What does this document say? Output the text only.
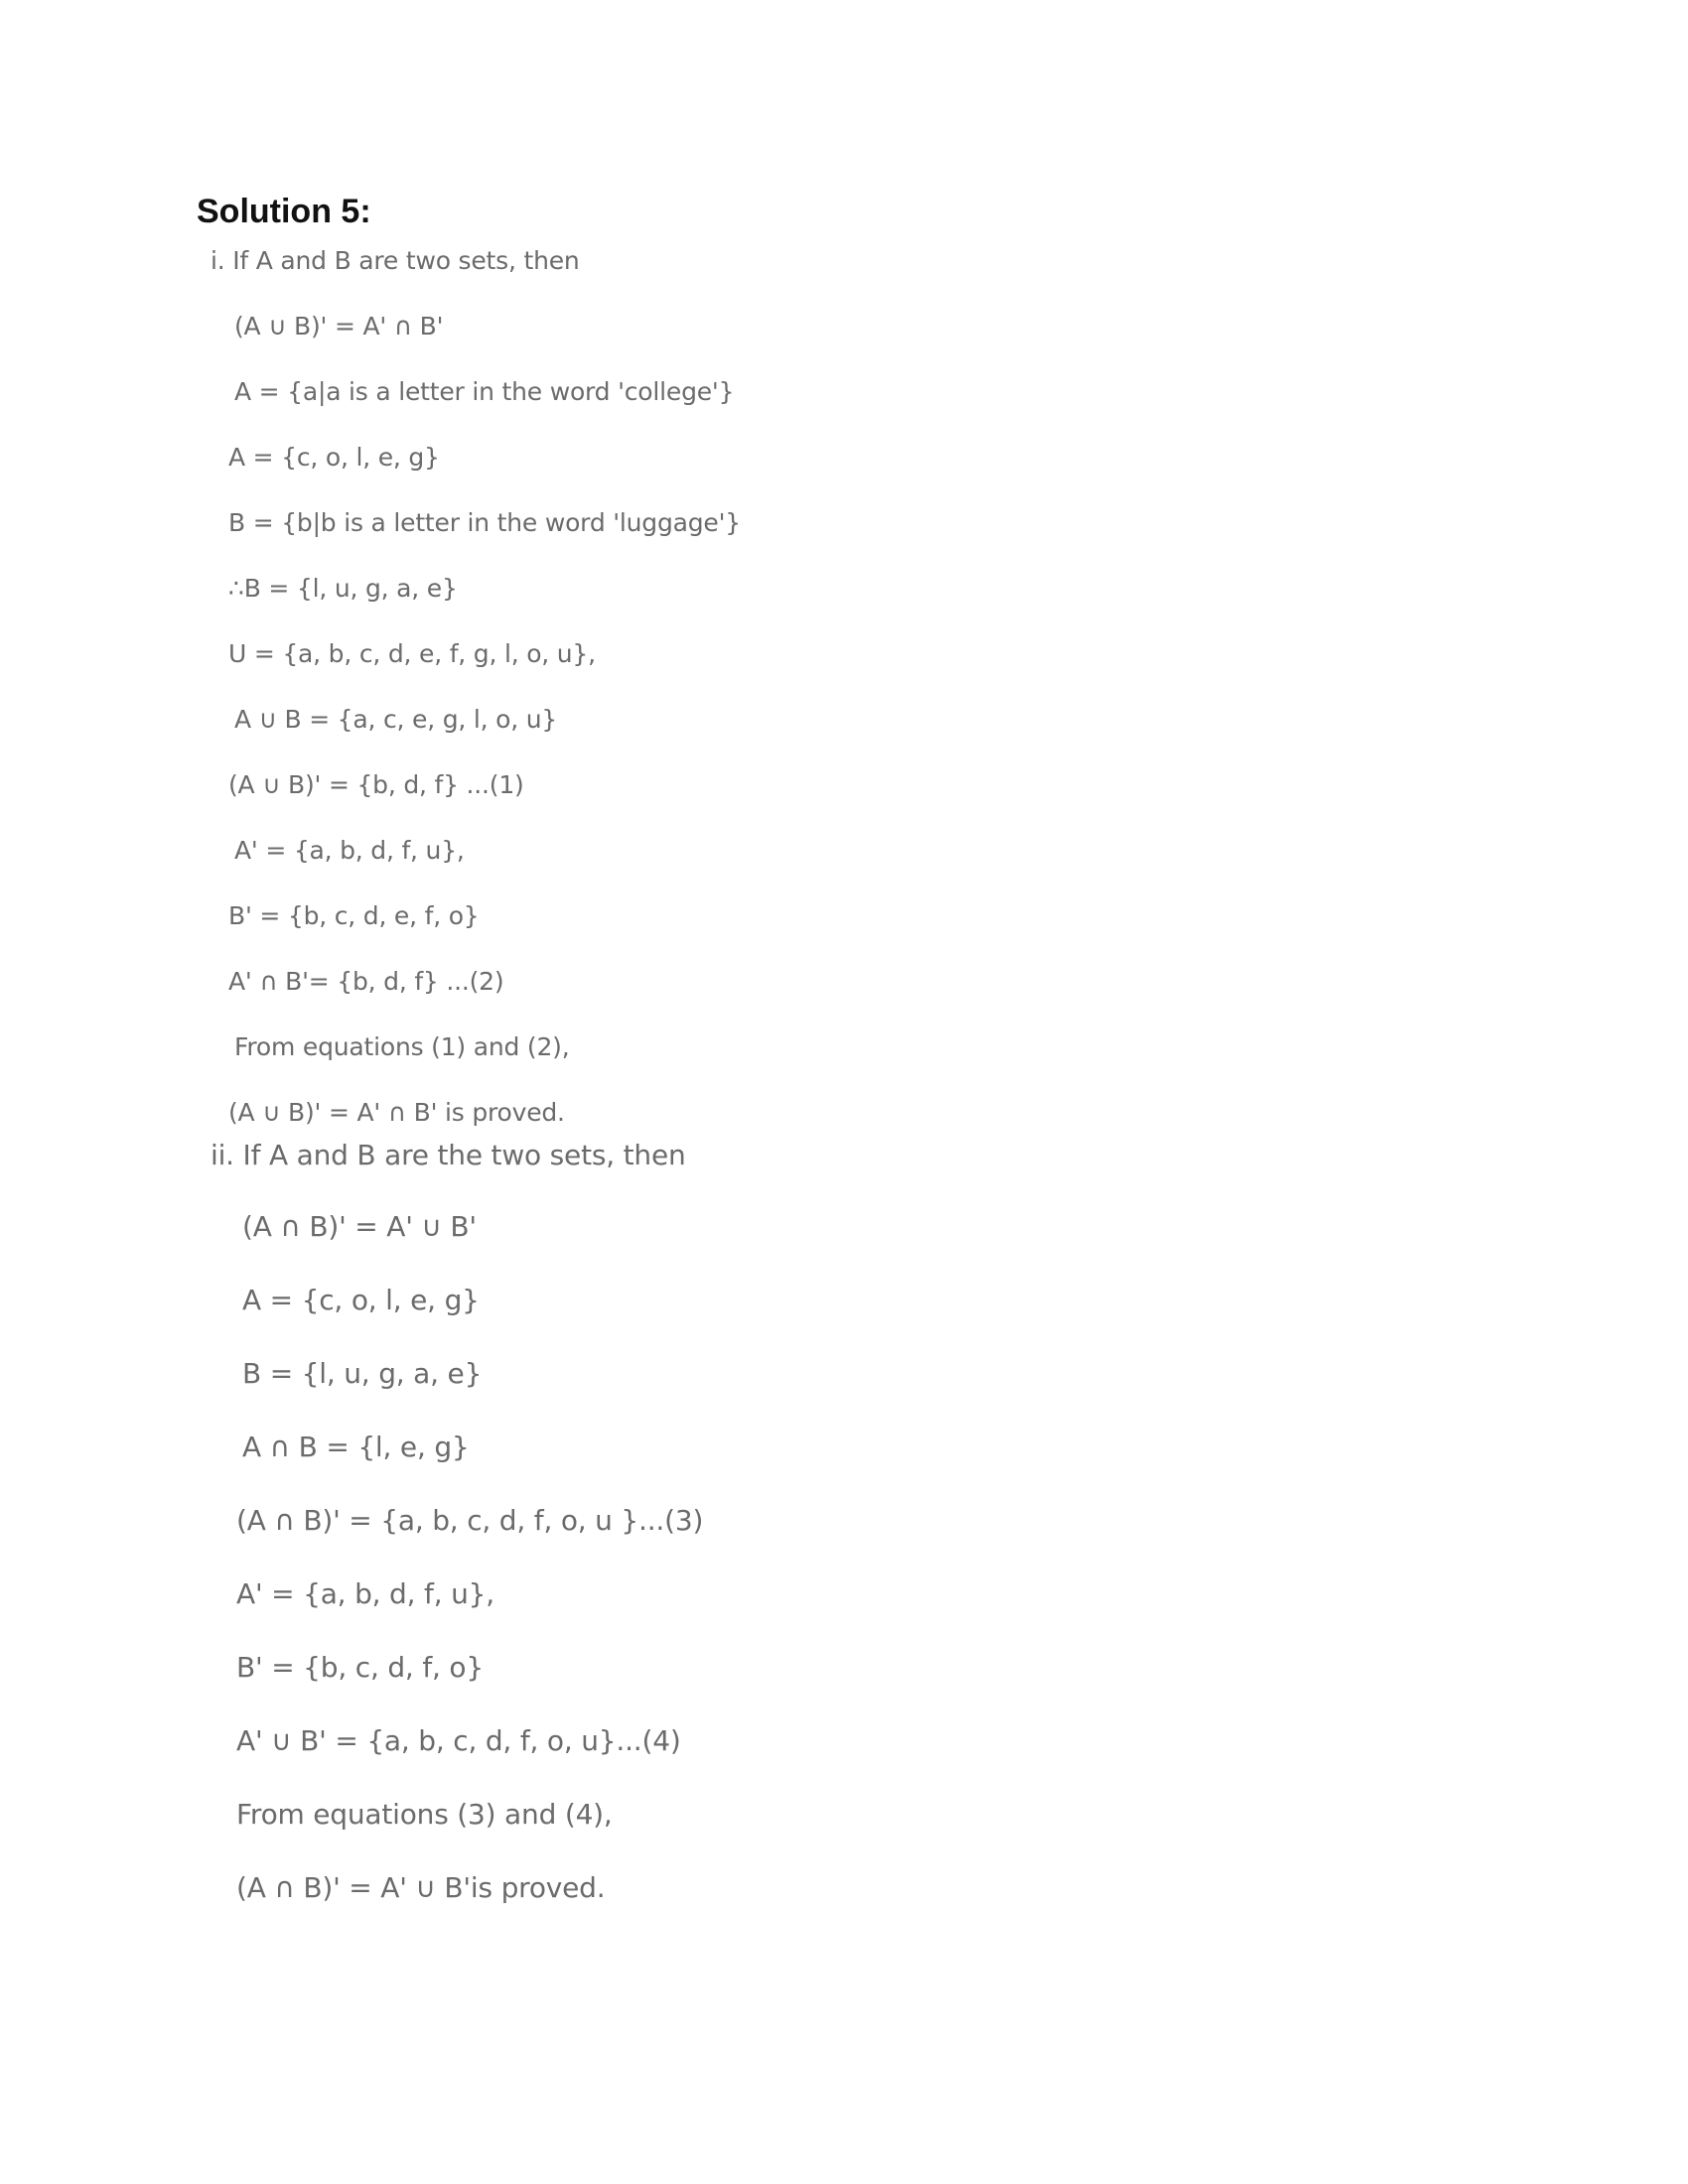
Solution 5:
i. If A and B are two sets, then
(A ∪ B)' = A' ∩ B'
A = {a|a is a letter in the word 'college'}
A = {c, o, l, e, g}
B = {b|b is a letter in the word 'luggage'}
∴B = {l, u, g, a, e}
U = {a, b, c, d, e, f, g, l, o, u},
A ∪ B = {a, c, e, g, l, o, u}
(A ∪ B)' = {b, d, f} ...(1)
A' = {a, b, d, f, u},
B' = {b, c, d, e, f, o}
A' ∩ B'= {b, d, f} ...(2)
From equations (1) and (2),
(A ∪ B)' = A' ∩ B' is proved.
ii. If A and B are the two sets, then
(A ∩ B)' = A' ∪ B'
A = {c, o, l, e, g}
B = {l, u, g, a, e}
A ∩ B = {l, e, g}
(A ∩ B)' = {a, b, c, d, f, o, u }...(3)
A' = {a, b, d, f, u},
B' = {b, c, d, f, o}
A' ∪ B' = {a, b, c, d, f, o, u}...(4)
From equations (3) and (4),
(A ∩ B)' = A' ∪ B'is proved.
